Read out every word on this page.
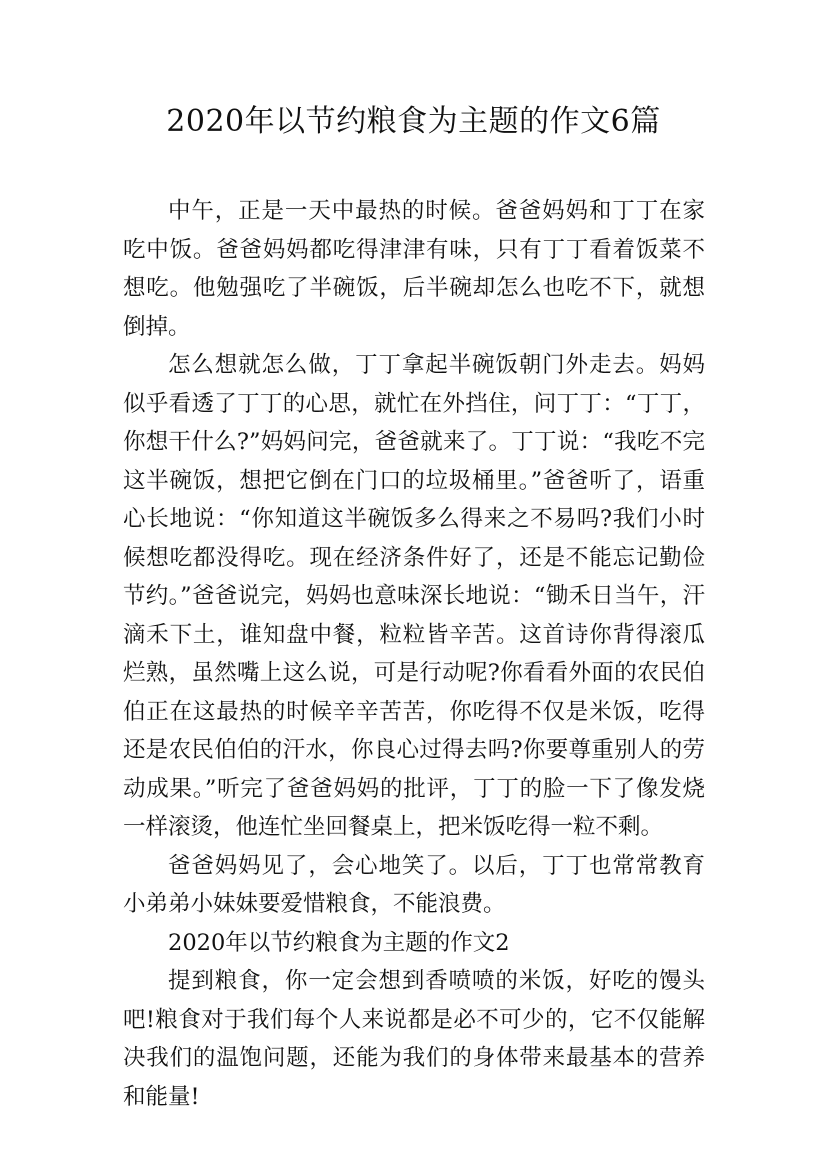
2020年以节约粮食为主题的作文6篇

中午，正是一天中最热的时候。爸爸妈妈和丁丁在家吃中饭。爸爸妈妈都吃得津津有味，只有丁丁看着饭菜不想吃。他勉强吃了半碗饭，后半碗却怎么也吃不下，就想倒掉。

怎么想就怎么做，丁丁拿起半碗饭朝门外走去。妈妈似乎看透了丁丁的心思，就忙在外挡住，问丁丁：“丁丁，你想干什么?”妈妈问完，爸爸就来了。丁丁说：“我吃不完这半碗饭，想把它倒在门口的垃圾桶里。”爸爸听了，语重心长地说：“你知道这半碗饭多么得来之不易吗?我们小时候想吃都没得吃。现在经济条件好了，还是不能忘记勤俭节约。”爸爸说完，妈妈也意味深长地说：“锄禾日当午，汗滴禾下土，谁知盘中餐，粒粒皆辛苦。这首诗你背得滚瓜烂熟，虽然嘴上这么说，可是行动呢?你看看外面的农民伯伯正在这最热的时候辛辛苦苦，你吃得不仅是米饭，吃得还是农民伯伯的汗水，你良心过得去吗?你要尊重别人的劳动成果。”听完了爸爸妈妈的批评，丁丁的脸一下了像发烧一样滚烫，他连忙坐回餐桌上，把米饭吃得一粒不剩。

爸爸妈妈见了，会心地笑了。以后，丁丁也常常教育小弟弟小妹妹要爱惜粮食，不能浪费。

2020年以节约粮食为主题的作文2

提到粮食，你一定会想到香喷喷的米饭，好吃的馒头吧!粮食对于我们每个人来说都是必不可少的，它不仅能解决我们的温饱问题，还能为我们的身体带来最基本的营养和能量!
